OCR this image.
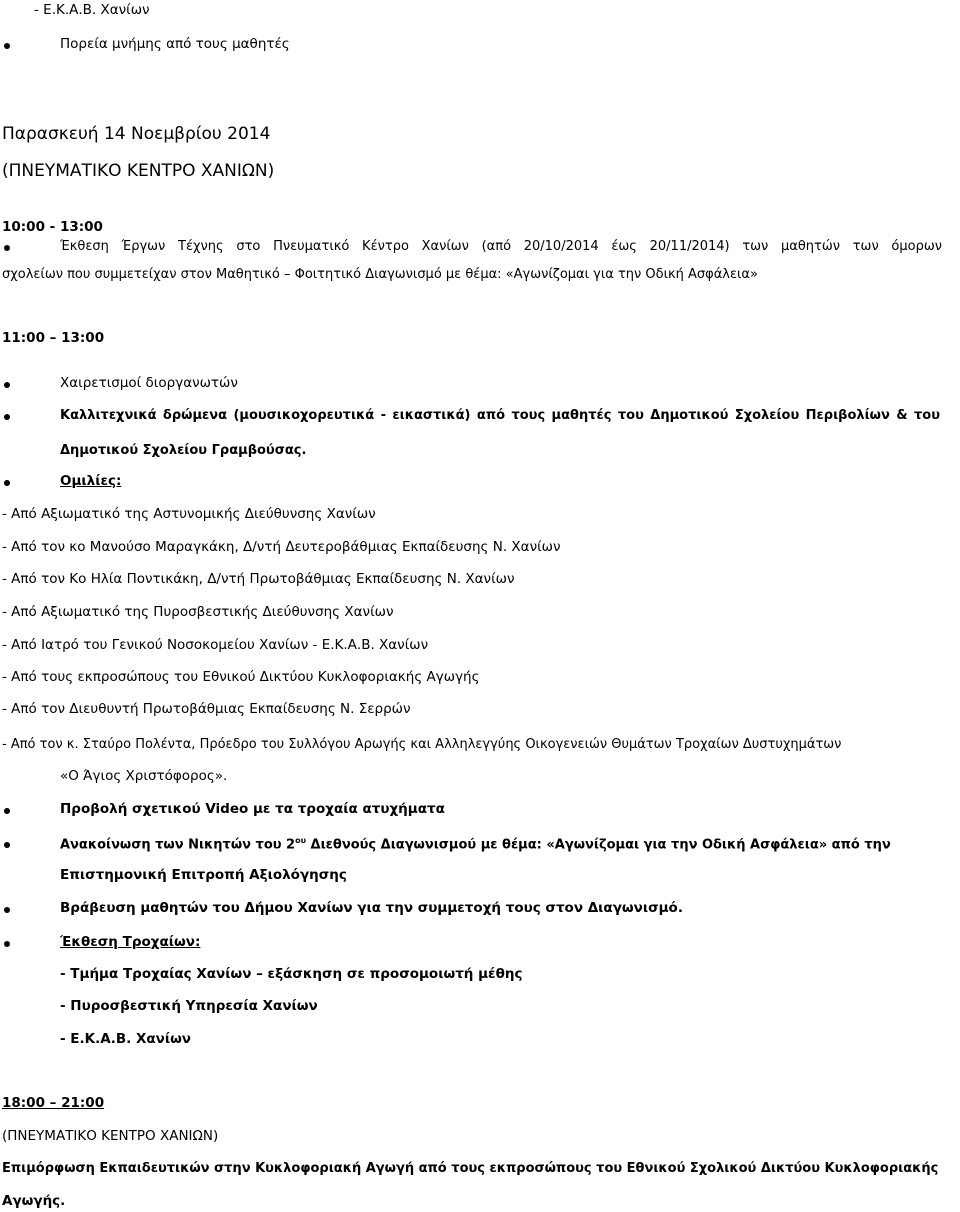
- Ε.Κ.Α.Β. Χανίων
Πορεία μνήμης από τους μαθητές
Παρασκευή 14 Νοεμβρίου 2014
(ΠΝΕΥΜΑΤΙΚΟ ΚΕΝΤΡΟ ΧΑΝΙΩΝ)
10:00 - 13:00
Έκθεση Έργων Τέχνης στο Πνευματικό Κέντρο Χανίων (από 20/10/2014 έως 20/11/2014) των μαθητών των όμορων
σχολείων που συμμετείχαν στον Μαθητικό – Φοιτητικό Διαγωνισμό με θέμα: «Αγωνίζομαι για την Οδική Ασφάλεια»
11:00 – 13:00
Χαιρετισμοί διοργανωτών
Καλλιτεχνικά δρώμενα (μουσικοχορευτικά - εικαστικά) από τους μαθητές του Δημοτικού Σχολείου Περιβολίων & του
Δημοτικού Σχολείου Γραμβούσας.
Ομιλίες:
- Από Αξιωματικό της Αστυνομικής Διεύθυνσης Χανίων
- Από τον κο Μανούσο Μαραγκάκη, Δ/ντή Δευτεροβάθμιας Εκπαίδευσης Ν. Χανίων
- Από τον Κο Ηλία Ποντικάκη, Δ/ντή Πρωτοβάθμιας Εκπαίδευσης Ν. Χανίων
- Από Αξιωματικό της Πυροσβεστικής Διεύθυνσης Χανίων
- Από Ιατρό του Γενικού Νοσοκομείου Χανίων - Ε.Κ.Α.Β. Χανίων
- Από τους εκπροσώπους του Εθνικού Δικτύου Κυκλοφοριακής Αγωγής
- Από τον Διευθυντή Πρωτοβάθμιας Εκπαίδευσης Ν. Σερρών
- Από τον κ. Σταύρο Πολέντα, Πρόεδρο του Συλλόγου Αρωγής και Αλληλεγγύης Οικογενειών Θυμάτων Τροχαίων Δυστυχημάτων
«Ο Άγιος Χριστόφορος».
Προβολή σχετικού Video με τα τροχαία ατυχήματα
Ανακοίνωση των Νικητών του $2^{o\upsilon}$ Διεθνούς Διαγωνισμού με θέμα: «Αγωνίζομαι για την Οδική Ασφάλεια» από την
Επιστημονική Επιτροπή Αξιολόγησης
Βράβευση μαθητών του Δήμου Χανίων για την συμμετοχή τους στον Διαγωνισμό.
Έκθεση Τροχαίων:
- Τμήμα Τροχαίας Χανίων – εξάσκηση σε προσομοιωτή μέθης
- Πυροσβεστική Υπηρεσία Χανίων
- Ε.Κ.Α.Β. Χανίων
18:00 – 21:00
(ΠΝΕΥΜΑΤΙΚΟ ΚΕΝΤΡΟ ΧΑΝΙΩΝ)
Επιμόρφωση Εκπαιδευτικών στην Κυκλοφοριακή Αγωγή από τους εκπροσώπους του Εθνικού Σχολικού Δικτύου Κυκλοφοριακής
Αγωγής.
